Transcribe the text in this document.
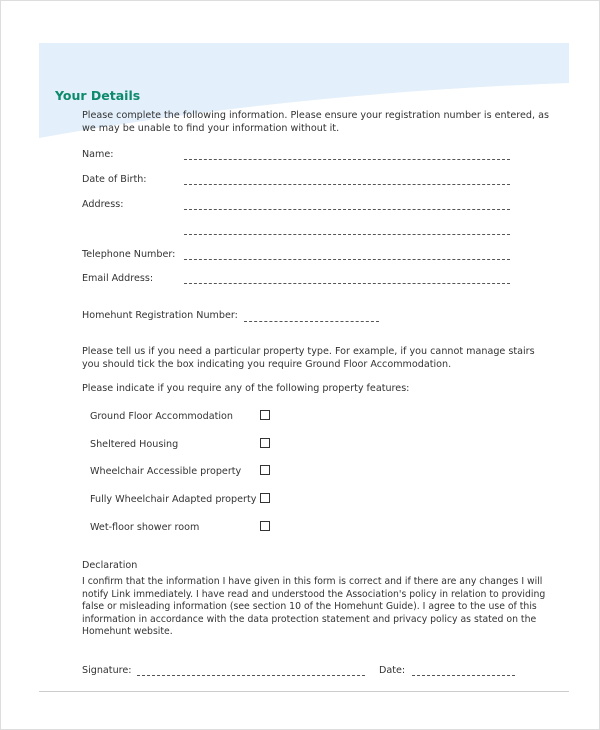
Your Details
Please complete the following information. Please ensure your registration number is entered, as we may be unable to find your information without it.
Name:
Date of Birth:
Address:
Telephone Number:
Email Address:
Homehunt Registration Number:
Please tell us if you need a particular property type. For example, if you cannot manage stairs you should tick the box indicating you require Ground Floor Accommodation.
Please indicate if you require any of the following property features:
Ground Floor Accommodation
Sheltered Housing
Wheelchair Accessible property
Fully Wheelchair Adapted property
Wet-floor shower room
Declaration
I confirm that the information I have given in this form is correct and if there are any changes I will notify Link immediately. I have read and understood the Association's policy in relation to providing false or misleading information (see section 10 of the Homehunt Guide). I agree to the use of this information in accordance with the data protection statement and privacy policy as stated on the Homehunt website.
Signature:	Date:
